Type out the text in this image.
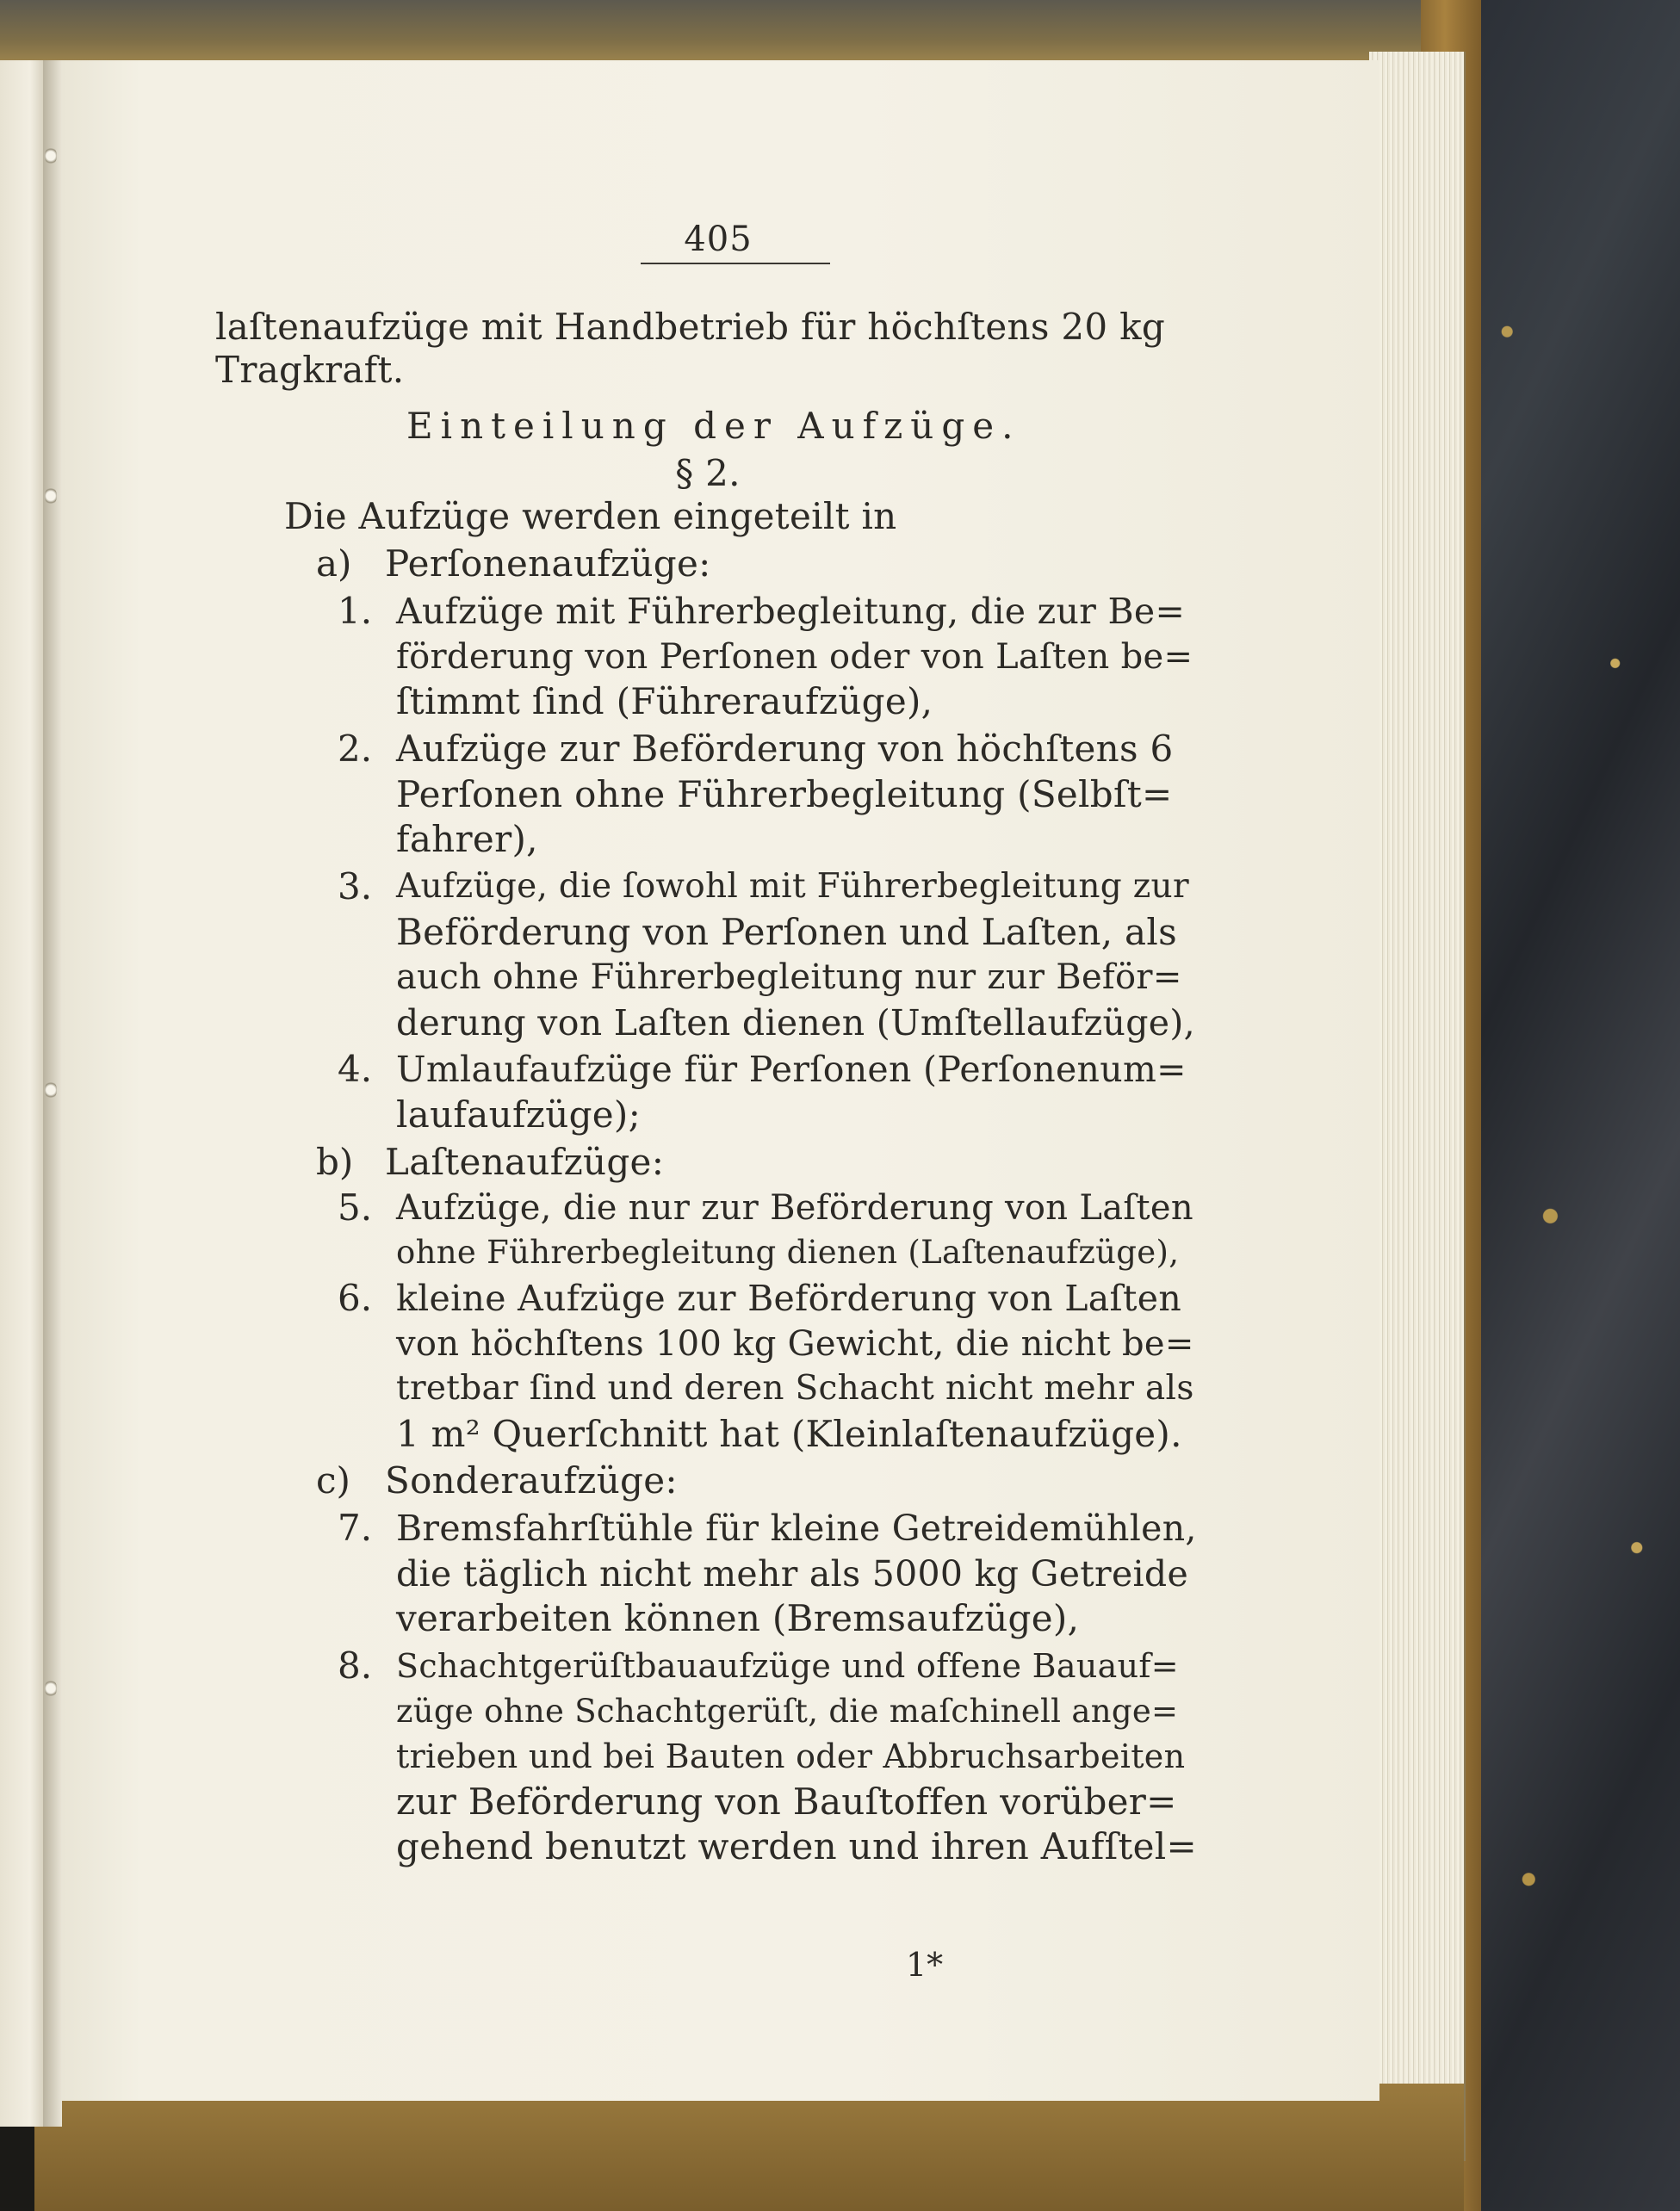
405
laſtenaufzüge mit Handbetrieb für höchſtens 20 kg
Tragkraft.
Einteilung der Aufzüge.
§ 2.
Die Aufzüge werden eingeteilt in
a) Perſonenaufzüge:
1. Aufzüge mit Führerbegleitung, die zur Be=
förderung von Perſonen oder von Laſten be=
ſtimmt ſind (Führeraufzüge),
2. Aufzüge zur Beförderung von höchſtens 6
Perſonen ohne Führerbegleitung (Selbſt=
fahrer),
3. Aufzüge, die ſowohl mit Führerbegleitung zur
Beförderung von Perſonen und Laſten, als
auch ohne Führerbegleitung nur zur Beför=
derung von Laſten dienen (Umſtellaufzüge),
4. Umlaufaufzüge für Perſonen (Perſonenum=
laufaufzüge);
b) Laſtenaufzüge:
5. Aufzüge, die nur zur Beförderung von Laſten
ohne Führerbegleitung dienen (Laſtenaufzüge),
6. kleine Aufzüge zur Beförderung von Laſten
von höchſtens 100 kg Gewicht, die nicht be=
tretbar ſind und deren Schacht nicht mehr als
1 m² Querſchnitt hat (Kleinlaſtenaufzüge).
c) Sonderaufzüge:
7. Bremsfahrſtühle für kleine Getreidemühlen,
die täglich nicht mehr als 5000 kg Getreide
verarbeiten können (Bremsaufzüge),
8. Schachtgerüſtbauaufzüge und offene Bauauf=
züge ohne Schachtgerüſt, die maſchinell ange=
trieben und bei Bauten oder Abbruchsarbeiten
zur Beförderung von Bauſtoffen vorüber=
gehend benutzt werden und ihren Aufſtel=
1*
